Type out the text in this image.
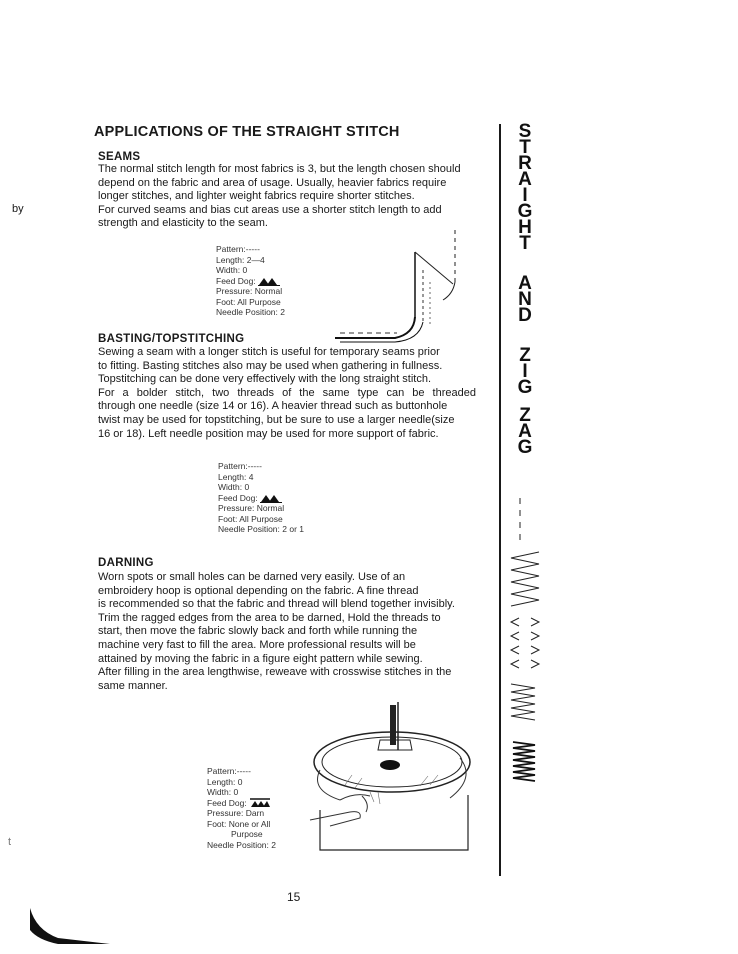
by
t
APPLICATIONS OF THE STRAIGHT STITCH
SEAMS
The normal stitch length for most fabrics is 3, but the length chosen should
depend on the fabric and area of usage. Usually, heavier fabrics require
longer stitches, and lighter weight fabrics require shorter stitches.
For curved seams and bias cut areas use a shorter stitch length to add
strength and elasticity to the seam.
Pattern:-----
Length: 2—4
Width: 0
Feed Dog:
Pressure: Normal
Foot: All Purpose
Needle Position: 2
BASTING/TOPSTITCHING
Sewing a seam with a longer stitch is useful for temporary seams prior
to fitting. Basting stitches also may be used when gathering in fullness.
Topstitching can be done very effectively with the long straight stitch.
For a bolder stitch, two threads of the same type can be threaded
through one needle (size 14 or 16). A heavier thread such as buttonhole
twist may be used for topstitching, but be sure to use a larger needle(size
16 or 18). Left needle position may be used for more support of fabric.
Pattern:-----
Length: 4
Width: 0
Feed Dog:
Pressure: Normal
Foot: All Purpose
Needle Position: 2 or 1
DARNING
Worn spots or small holes can be darned very easily. Use of an
embroidery hoop is optional depending on the fabric. A fine thread
is recommended so that the fabric and thread will blend together invisibly.
Trim the ragged edges from the area to be darned, Hold the threads to
start, then move the fabric slowly back and forth while running the
machine very fast to fill the area. More professional results will be
attained by moving the fabric in a figure eight pattern while sewing.
After filling in the area lengthwise, reweave with crosswise stitches in the
same manner.
Pattern:-----
Length: 0
Width: 0
Feed Dog:
Pressure: Darn
Foot: None or All
Purpose
Needle Position: 2
S
T
R
A
I
G
H
T
A
N
D
Z
I
G
Z
A
G
15
